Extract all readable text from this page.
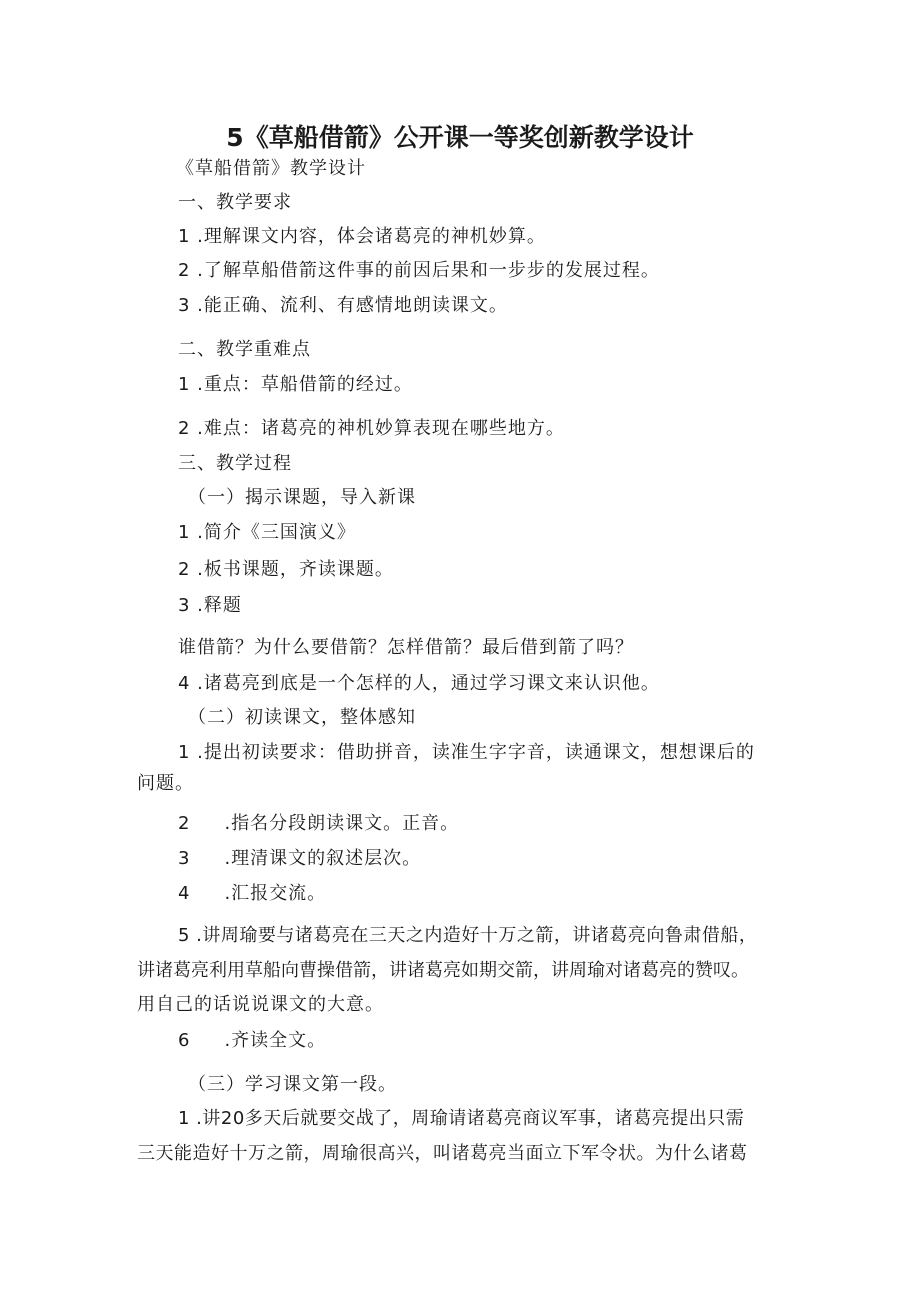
5《草船借箭》公开课一等奖创新教学设计
《草船借箭》教学设计
一、教学要求
1 .理解课文内容，体会诸葛亮的神机妙算。
2 .了解草船借箭这件事的前因后果和一步步的发展过程。
3 .能正确、流利、有感情地朗读课文。
二、教学重难点
1 .重点：草船借箭的经过。
2 .难点：诸葛亮的神机妙算表现在哪些地方。
三、教学过程
（一）揭示课题，导入新课
1 .简介《三国演义》
2 .板书课题，齐读课题。
3 .释题
谁借箭？为什么要借箭？怎样借箭？最后借到箭了吗？
4 .诸葛亮到底是一个怎样的人，通过学习课文来认识他。
（二）初读课文，整体感知
1 .提出初读要求：借助拼音，读准生字字音，读通课文，想想课后的
问题。
2 .指名分段朗读课文。正音。
3 .理清课文的叙述层次。
4 .汇报交流。
5 .讲周瑜要与诸葛亮在三天之内造好十万之箭，讲诸葛亮向鲁肃借船，
讲诸葛亮利用草船向曹操借箭，讲诸葛亮如期交箭，讲周瑜对诸葛亮的赞叹。
用自己的话说说课文的大意。
6 .齐读全文。
（三）学习课文第一段。
1 .讲20多天后就要交战了，周瑜请诸葛亮商议军事，诸葛亮提出只需
三天能造好十万之箭，周瑜很高兴，叫诸葛亮当面立下军令状。为什么诸葛
